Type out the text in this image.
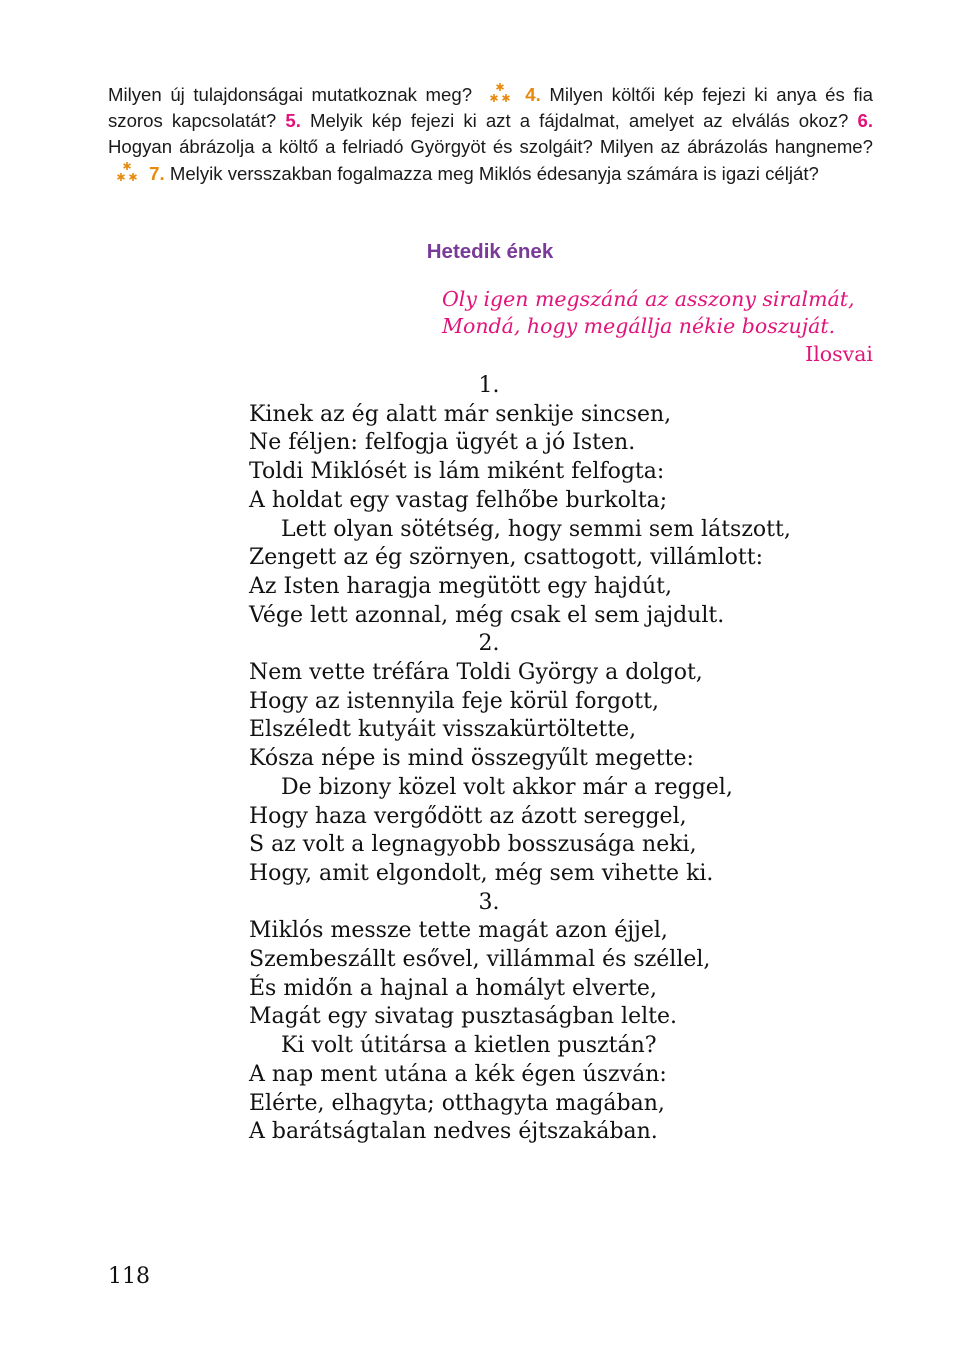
Milyen új tulajdonságai mutatkoznak meg?	4. Milyen költői kép fejezi ki anya és fia szoros kapcsolatát? 5. Melyik kép fejezi ki azt a fájdalmat, amelyet az elválás okoz? 6. Hogyan ábrázolja a költő a felriadó Györgyöt és szolgáit? Milyen az ábrázolás hangneme?  7. Melyik versszakban fogalmazza meg Miklós édesanyja számára is igazi célját?
Hetedik ének
Oly igen megszáná az asszony siralmát,
Mondá, hogy megállja nékie boszuját.
Ilosvai
1.
Kinek az ég alatt már senkije sincsen,
Ne féljen: felfogja ügyét a jó Isten.
Toldi Miklósét is lám miként felfogta:
A holdat egy vastag felhőbe burkolta;
Lett olyan sötétség, hogy semmi sem látszott,
Zengett az ég szörnyen, csattogott, villámlott:
Az Isten haragja megütött egy hajdút,
Vége lett azonnal, még csak el sem jajdult.
2.
Nem vette tréfára Toldi György a dolgot,
Hogy az istennyila feje körül forgott,
Elszéledt kutyáit visszakürtöltette,
Kósza népe is mind összegyűlt megette:
De bizony közel volt akkor már a reggel,
Hogy haza vergődött az ázott sereggel,
S az volt a legnagyobb bosszusága neki,
Hogy, amit elgondolt, még sem vihette ki.
3.
Miklós messze tette magát azon éjjel,
Szembeszállt esővel, villámmal és széllel,
És midőn a hajnal a homályt elverte,
Magát egy sivatag pusztaságban lelte.
Ki volt útitársa a kietlen pusztán?
A nap ment utána a kék égen úszván:
Elérte, elhagyta; otthagyta magában,
A barátságtalan nedves éjtszakában.
118
